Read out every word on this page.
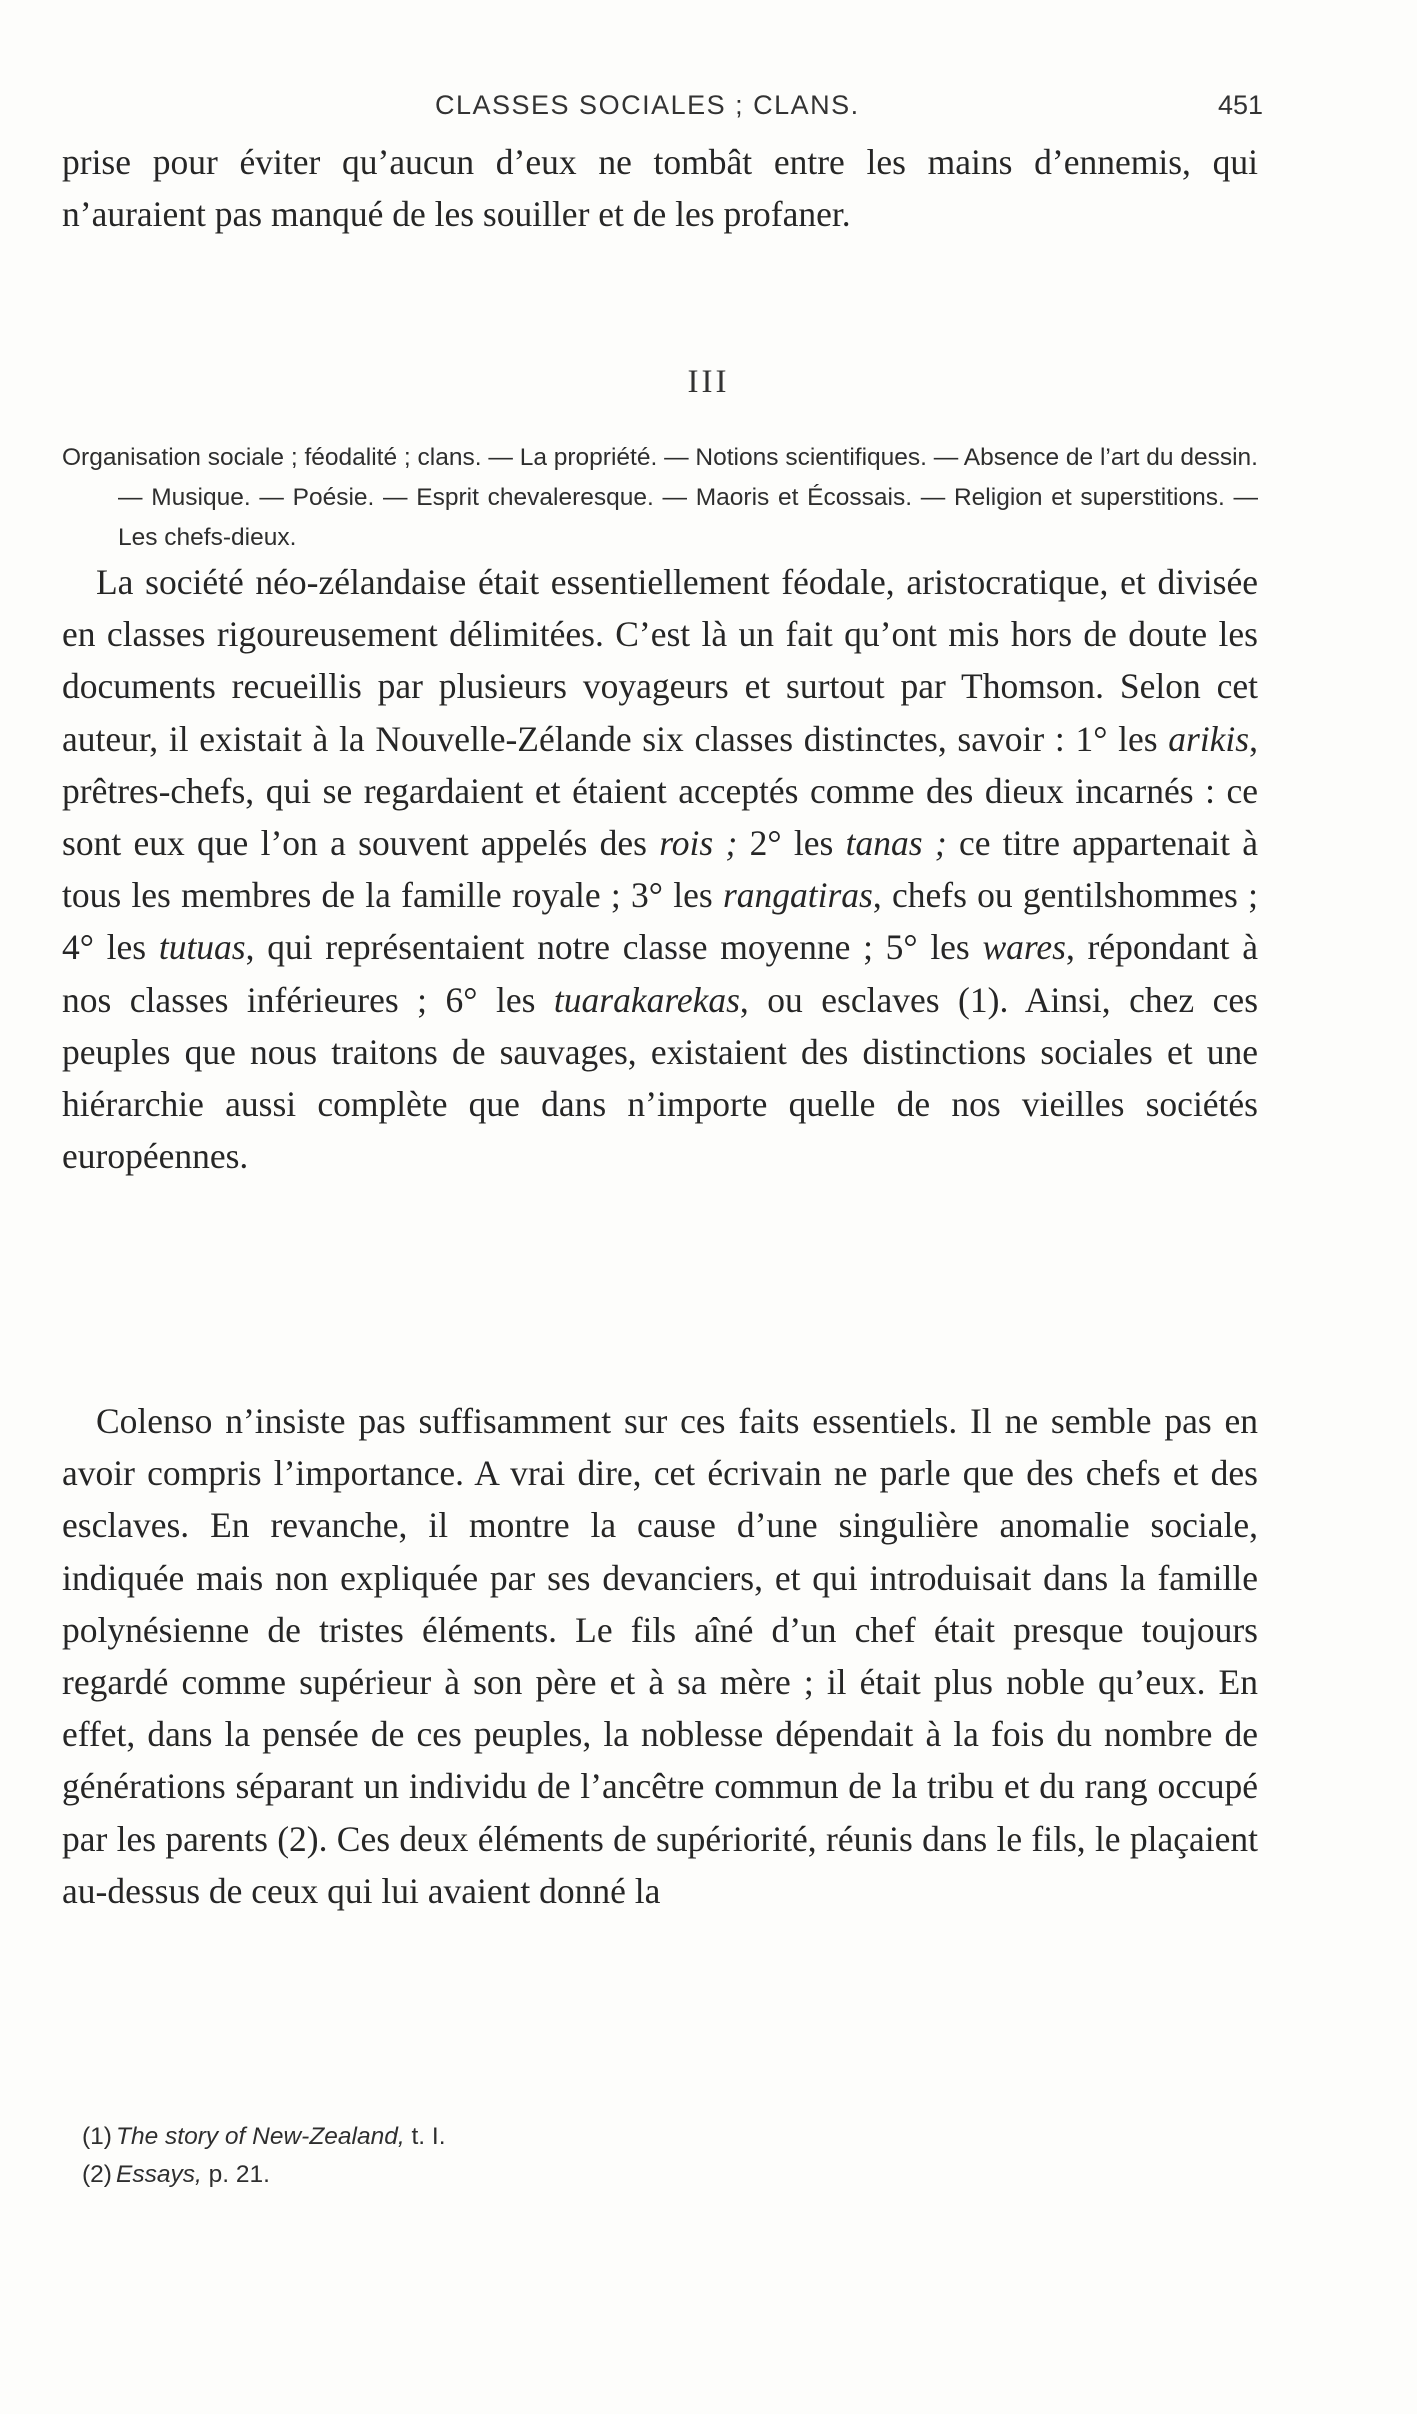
CLASSES SOCIALES ; CLANS.	451

prise pour éviter qu’aucun d’eux ne tombât entre les mains d’ennemis, qui n’auraient pas manqué de les souiller et de les profaner.

III

Organisation sociale ; féodalité ; clans. — La propriété. — Notions scientifiques. — Absence de l’art du dessin. — Musique. — Poésie. — Esprit chevaleresque. — Maoris et Écossais. — Religion et superstitions. — Les chefs-dieux.

La société néo-zélandaise était essentiellement féodale, aristocratique, et divisée en classes rigoureusement délimitées. C’est là un fait qu’ont mis hors de doute les documents recueillis par plusieurs voyageurs et surtout par Thomson. Selon cet auteur, il existait à la Nouvelle-Zélande six classes distinctes, savoir : 1° les arikis, prêtres-chefs, qui se regardaient et étaient acceptés comme des dieux incarnés : ce sont eux que l’on a souvent appelés des rois ; 2° les tanas ; ce titre appartenait à tous les membres de la famille royale ; 3° les rangatiras, chefs ou gentilshommes ; 4° les tutuas, qui représentaient notre classe moyenne ; 5° les wares, répondant à nos classes inférieures ; 6° les tuarakarekas, ou esclaves (1). Ainsi, chez ces peuples que nous traitons de sauvages, existaient des distinctions sociales et une hiérarchie aussi complète que dans n’importe quelle de nos vieilles sociétés européennes.

Colenso n’insiste pas suffisamment sur ces faits essentiels. Il ne semble pas en avoir compris l’importance. A vrai dire, cet écrivain ne parle que des chefs et des esclaves. En revanche, il montre la cause d’une singulière anomalie sociale, indiquée mais non expliquée par ses devanciers, et qui introduisait dans la famille polynésienne de tristes éléments. Le fils aîné d’un chef était presque toujours regardé comme supérieur à son père et à sa mère ; il était plus noble qu’eux. En effet, dans la pensée de ces peuples, la noblesse dépendait à la fois du nombre de générations séparant un individu de l’ancêtre commun de la tribu et du rang occupé par les parents (2). Ces deux éléments de supériorité, réunis dans le fils, le plaçaient au-dessus de ceux qui lui avaient donné la

(1) The story of New-Zealand, t. I.
(2) Essays, p. 21.
